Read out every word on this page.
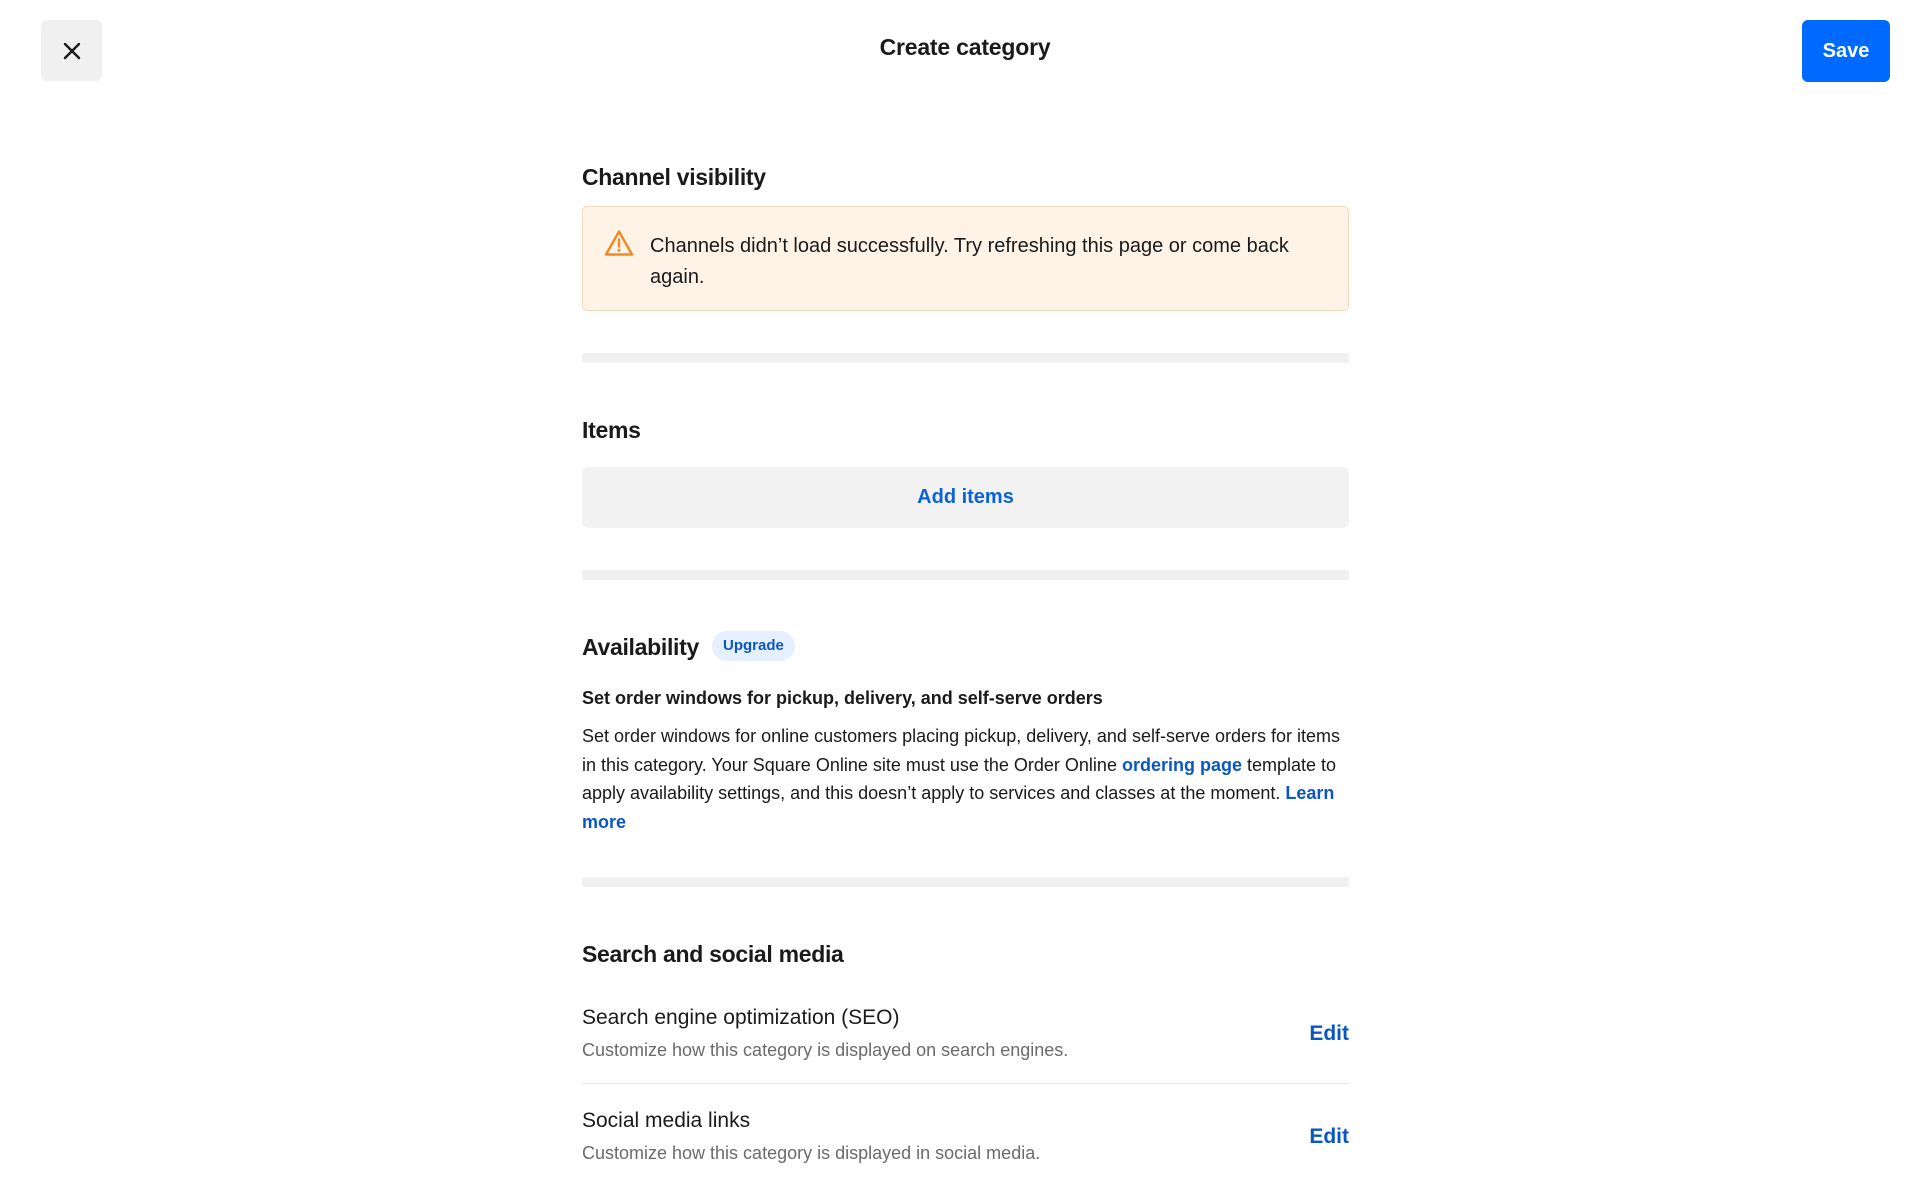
Create category	Save
Channel visibility
Channels didn’t load successfully. Try refreshing this page or come back again.
Items
Add items
Availability	Upgrade
Set order windows for pickup, delivery, and self-serve orders
Set order windows for online customers placing pickup, delivery, and self-serve orders for items in this category. Your Square Online site must use the Order Online ordering page template to apply availability settings, and this doesn’t apply to services and classes at the moment. Learn more
Search and social media
Search engine optimization (SEO)
Customize how this category is displayed on search engines.
Edit
Social media links
Customize how this category is displayed in social media.
Edit
